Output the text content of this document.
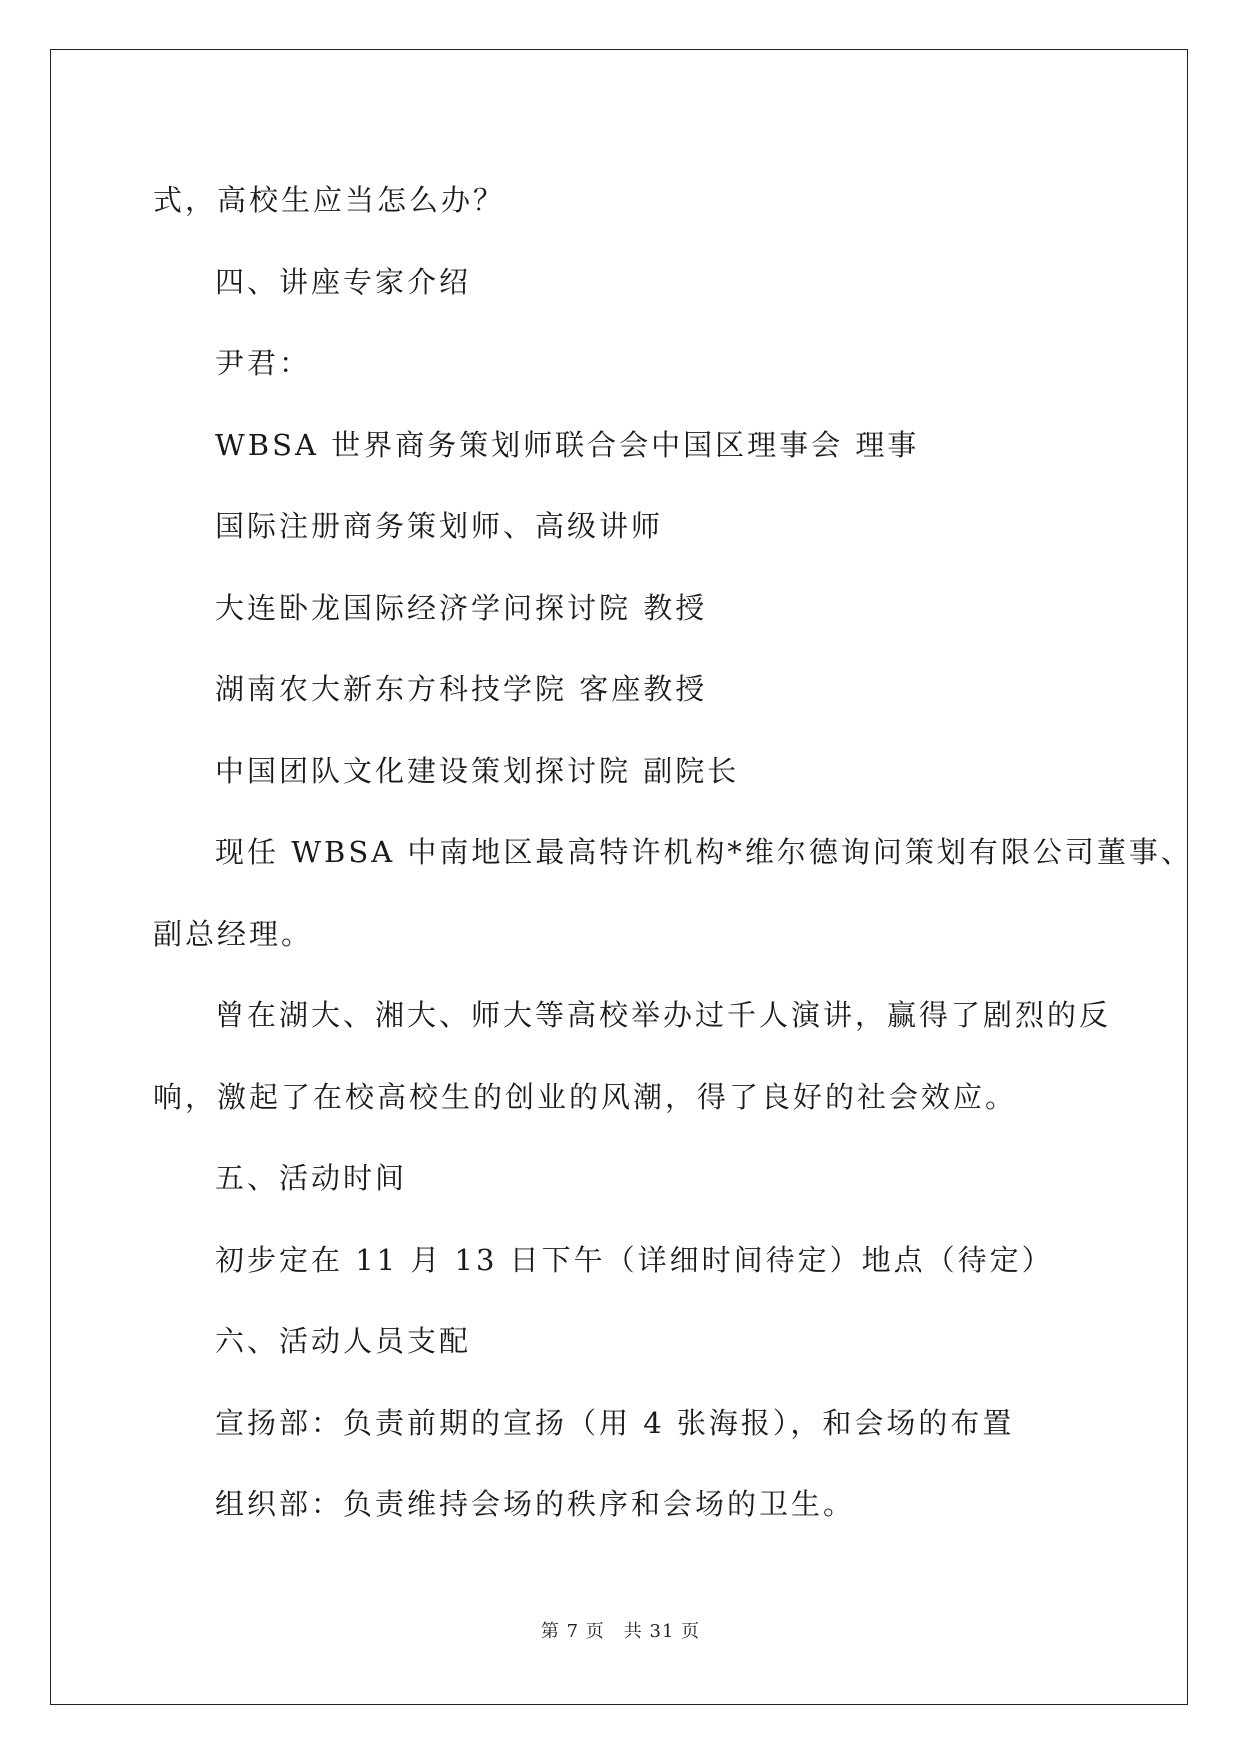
式，高校生应当怎么办？

四、讲座专家介绍

尹君：

WBSA 世界商务策划师联合会中国区理事会 理事

国际注册商务策划师、高级讲师

大连卧龙国际经济学问探讨院 教授

湖南农大新东方科技学院 客座教授

中国团队文化建设策划探讨院 副院长

现任 WBSA 中南地区最高特许机构*维尔德询问策划有限公司董事、

副总经理。

曾在湖大、湘大、师大等高校举办过千人演讲，赢得了剧烈的反

响，激起了在校高校生的创业的风潮，得了良好的社会效应。

五、活动时间

初步定在 11 月 13 日下午（详细时间待定）地点（待定）

六、活动人员支配

宣扬部：负责前期的宣扬（用 4 张海报），和会场的布置

组织部：负责维持会场的秩序和会场的卫生。

第 7 页　共 31 页
